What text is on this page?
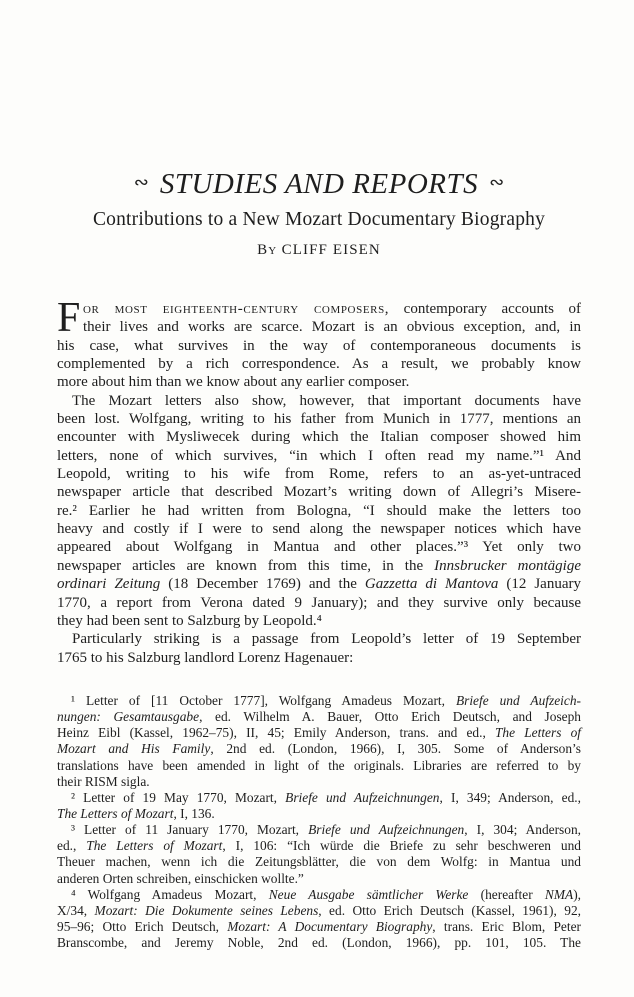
∾ STUDIES AND REPORTS ∾
Contributions to a New Mozart Documentary Biography
By CLIFF EISEN
F or most eighteenth-century composers, contemporary accounts of
their lives and works are scarce. Mozart is an obvious exception, and, in
his case, what survives in the way of contemporaneous documents is
complemented by a rich correspondence. As a result, we probably know
more about him than we know about any earlier composer.
The Mozart letters also show, however, that important documents have
been lost. Wolfgang, writing to his father from Munich in 1777, mentions an
encounter with Mysliwecek during which the Italian composer showed him
letters, none of which survives, “in which I often read my name.”¹ And
Leopold, writing to his wife from Rome, refers to an as-yet-untraced
newspaper article that described Mozart’s writing down of Allegri’s Misere-
re.² Earlier he had written from Bologna, “I should make the letters too
heavy and costly if I were to send along the newspaper notices which have
appeared about Wolfgang in Mantua and other places.”³ Yet only two
newspaper articles are known from this time, in the Innsbrucker montägige
ordinari Zeitung (18 December 1769) and the Gazzetta di Mantova (12 January
1770, a report from Verona dated 9 January); and they survive only because
they had been sent to Salzburg by Leopold.⁴
Particularly striking is a passage from Leopold’s letter of 19 September
1765 to his Salzburg landlord Lorenz Hagenauer:
¹ Letter of [11 October 1777], Wolfgang Amadeus Mozart, Briefe und Aufzeich-
nungen: Gesamtausgabe, ed. Wilhelm A. Bauer, Otto Erich Deutsch, and Joseph
Heinz Eibl (Kassel, 1962–75), II, 45; Emily Anderson, trans. and ed., The Letters of
Mozart and His Family, 2nd ed. (London, 1966), I, 305. Some of Anderson’s
translations have been amended in light of the originals. Libraries are referred to by
their RISM sigla.
² Letter of 19 May 1770, Mozart, Briefe und Aufzeichnungen, I, 349; Anderson, ed.,
The Letters of Mozart, I, 136.
³ Letter of 11 January 1770, Mozart, Briefe und Aufzeichnungen, I, 304; Anderson,
ed., The Letters of Mozart, I, 106: “Ich würde die Briefe zu sehr beschweren und
Theuer machen, wenn ich die Zeitungsblätter, die von dem Wolfg: in Mantua und
anderen Orten schreiben, einschicken wollte.”
⁴ Wolfgang Amadeus Mozart, Neue Ausgabe sämtlicher Werke (hereafter NMA),
X/34, Mozart: Die Dokumente seines Lebens, ed. Otto Erich Deutsch (Kassel, 1961), 92,
95–96; Otto Erich Deutsch, Mozart: A Documentary Biography, trans. Eric Blom, Peter
Branscombe, and Jeremy Noble, 2nd ed. (London, 1966), pp. 101, 105. The
